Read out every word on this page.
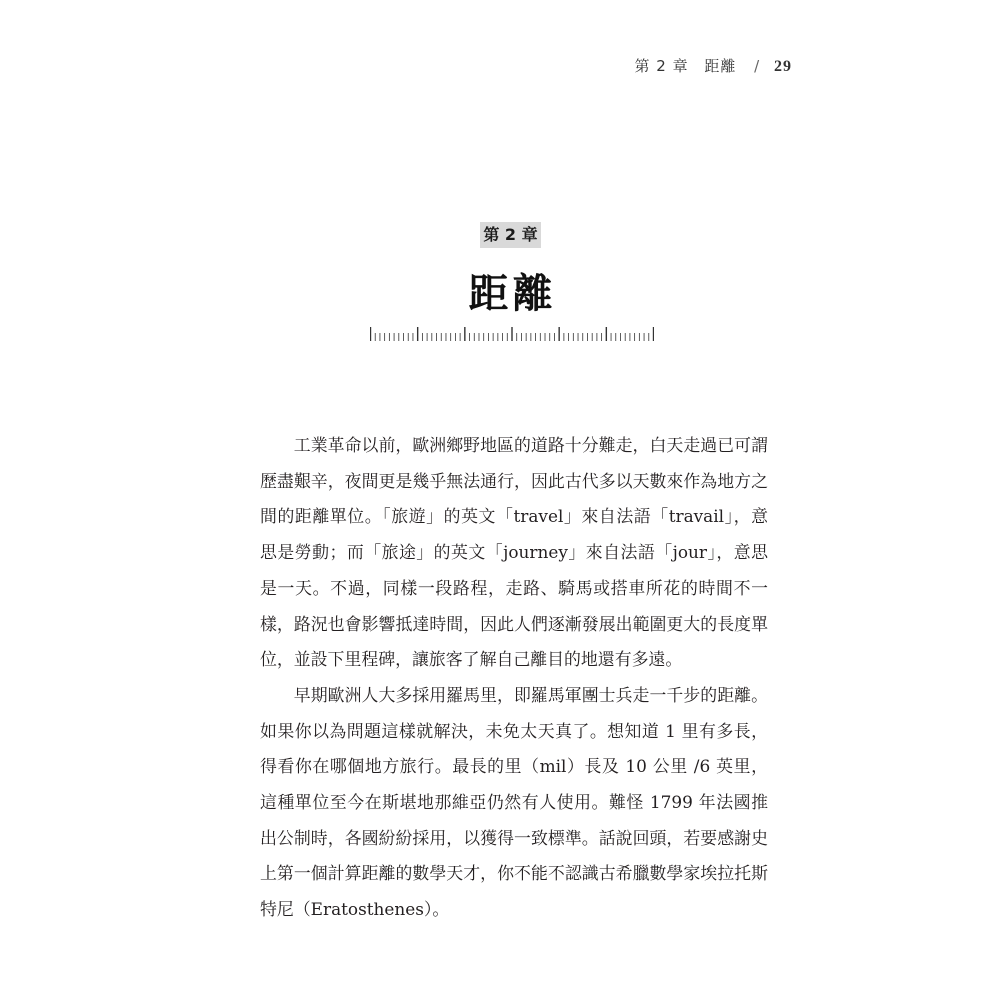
第 2 章 距離 / 29
第 2 章
距離

工業革命以前，歐洲鄉野地區的道路十分難走，白天走過已可謂歷盡艱辛，夜間更是幾乎無法通行，因此古代多以天數來作為地方之間的距離單位。「旅遊」的英文「travel」來自法語「travail」，意思是勞動；而「旅途」的英文「journey」來自法語「jour」，意思是一天。不過，同樣一段路程，走路、騎馬或搭車所花的時間不一樣，路況也會影響抵達時間，因此人們逐漸發展出範圍更大的長度單位，並設下里程碑，讓旅客了解自己離目的地還有多遠。

早期歐洲人大多採用羅馬里，即羅馬軍團士兵走一千步的距離。如果你以為問題這樣就解決，未免太天真了。想知道 1 里有多長，得看你在哪個地方旅行。最長的里（mil）長及 10 公里 /6 英里，這種單位至今在斯堪地那維亞仍然有人使用。難怪 1799 年法國推出公制時，各國紛紛採用，以獲得一致標準。話說回頭，若要感謝史上第一個計算距離的數學天才，你不能不認識古希臘數學家埃拉托斯特尼（Eratosthenes）。
